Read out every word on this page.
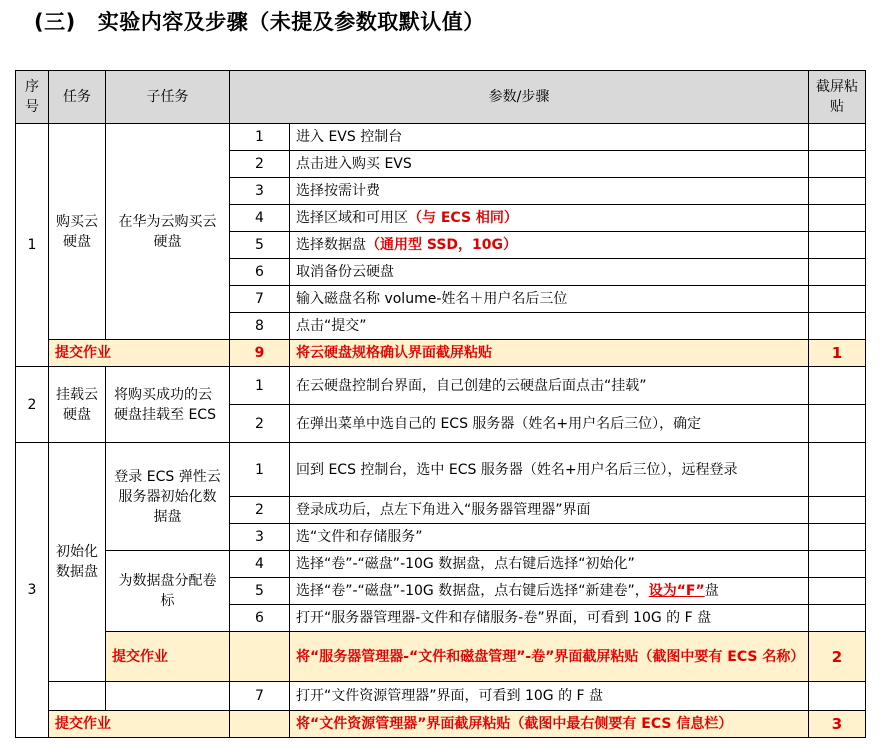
(三) 实验内容及步骤（未提及参数取默认值）
序号	任务	子任务	参数/步骤		截屏粘贴
1	购买云硬盘	在华为云购买云硬盘	1	进入 EVS 控制台	
			2	点击进入购买 EVS	
			3	选择按需计费	
			4	选择区域和可用区（与 ECS 相同）	
			5	选择数据盘（通用型 SSD，10G）	
			6	取消备份云硬盘	
			7	输入磁盘名称 volume-姓名＋用户名后三位	
			8	点击“提交”	
	提交作业		9	将云硬盘规格确认界面截屏粘贴	1
2	挂载云硬盘	将购买成功的云硬盘挂载至 ECS	1	在云硬盘控制台界面，自己创建的云硬盘后面点击“挂载”	
			2	在弹出菜单中选自己的 ECS 服务器（姓名+用户名后三位），确定	
3	初始化数据盘	登录 ECS 弹性云服务器初始化数据盘	1	回到 ECS 控制台，选中 ECS 服务器（姓名+用户名后三位），远程登录	
			2	登录成功后，点左下角进入“服务器管理器”界面	
			3	选“文件和存储服务”	
		为数据盘分配卷标	4	选择“卷”-“磁盘”-10G 数据盘，点右键后选择“初始化”	
			5	选择“卷”-“磁盘”-10G 数据盘，点右键后选择“新建卷”，设为“F”盘	
			6	打开“服务器管理器-文件和存储服务-卷”界面，可看到 10G 的 F 盘	
		提交作业		将“服务器管理器-“文件和磁盘管理”-卷”界面截屏粘贴（截图中要有 ECS 名称）	2
			7	打开“文件资源管理器”界面，可看到 10G 的 F 盘	
	提交作业			将“文件资源管理器”界面截屏粘贴（截图中最右侧要有 ECS 信息栏）	3
